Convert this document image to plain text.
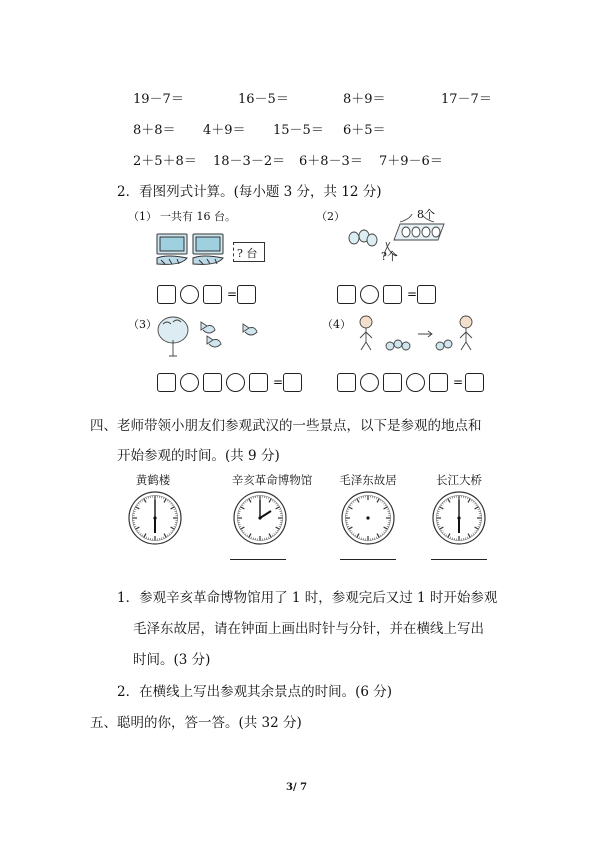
19－7＝	16－5＝	8＋9＝	17－7＝
8＋8＝ 4＋9＝ 15－5＝ 6＋5＝
2＋5＋8＝ 18－3－2＝ 6＋8－3＝ 7＋9－6＝
2．看图列式计算。(每小题 3 分，共 12 分)
（1） 一共有 16 台。
? 台
=
（2）	8个
?个
=
（3）
=
（4）
=
四、老师带领小朋友们参观武汉的一些景点，以下是参观的地点和
开始参观的时间。(共 9 分)
黄鹤楼	辛亥革命博物馆	毛泽东故居	长江大桥
1．参观辛亥革命博物馆用了 1 时，参观完后又过 1 时开始参观
毛泽东故居，请在钟面上画出时针与分针，并在横线上写出
时间。(3 分)
2．在横线上写出参观其余景点的时间。(6 分)
五、聪明的你，答一答。(共 32 分)
3/ 7
